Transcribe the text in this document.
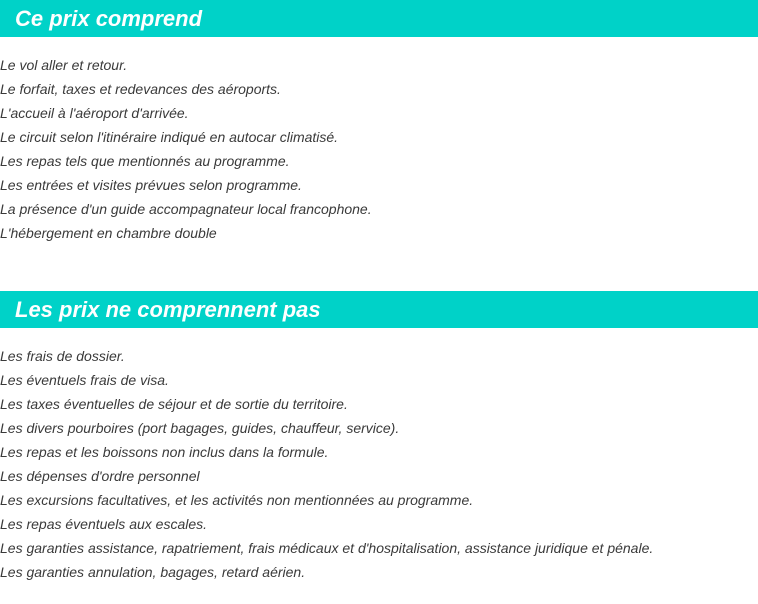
Ce prix comprend
Le vol aller et retour.
Le forfait, taxes et redevances des aéroports.
L'accueil à l'aéroport d'arrivée.
Le circuit selon l'itinéraire indiqué en autocar climatisé.
Les repas tels que mentionnés au programme.
Les entrées et visites prévues selon programme.
La présence d'un guide accompagnateur local francophone.
L'hébergement en chambre double
Les prix ne comprennent pas
Les frais de dossier.
Les éventuels frais de visa.
Les taxes éventuelles de séjour et de sortie du territoire.
Les divers pourboires (port bagages, guides, chauffeur, service).
Les repas et les boissons non inclus dans la formule.
Les dépenses d'ordre personnel
Les excursions facultatives, et les activités non mentionnées au programme.
Les repas éventuels aux escales.
Les garanties assistance, rapatriement, frais médicaux et d'hospitalisation, assistance juridique et pénale.
Les garanties annulation, bagages, retard aérien.
